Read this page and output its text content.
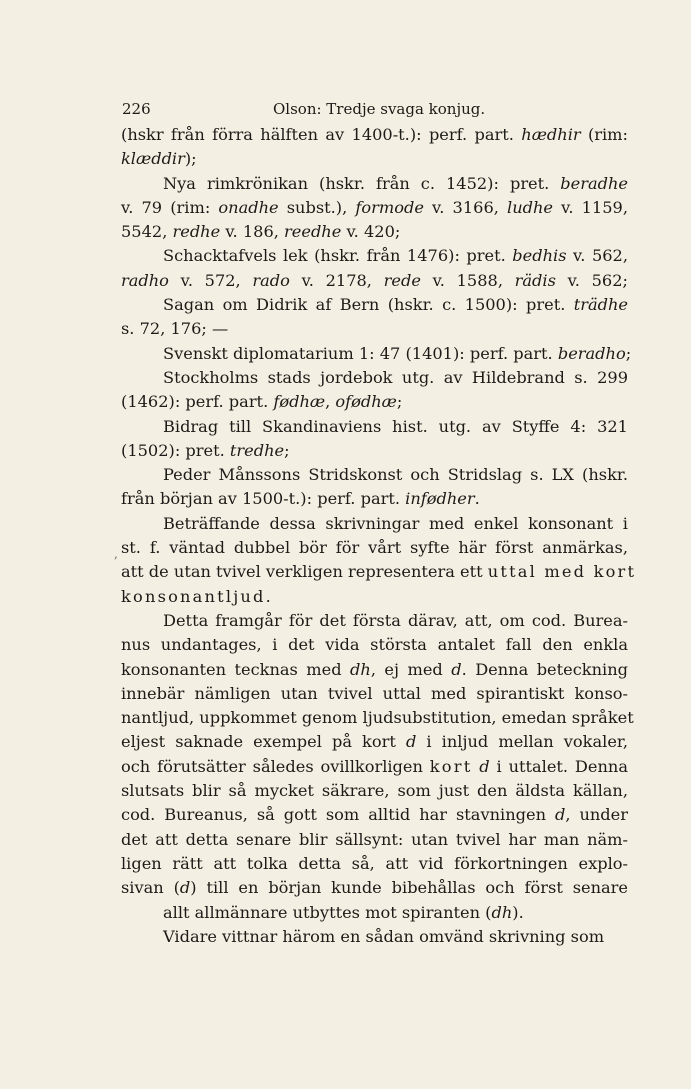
226	Olson: Tredje svaga konjug.
,
(hskr från förra hälften av 1400-t.): perf. part. hædhir (rim:
klæddir);
Nya rimkrönikan (hskr. från c. 1452): pret. beradhe
v. 79 (rim: onadhe subst.), formode v. 3166, ludhe v. 1159,
5542, redhe v. 186, reedhe v. 420;
Schacktafvels lek (hskr. från 1476): pret. bedhis v. 562,
radho v. 572, rado v. 2178, rede v. 1588, rädis v. 562;
Sagan om Didrik af Bern (hskr. c. 1500): pret. trädhe
s. 72, 176; —
Svenskt diplomatarium 1: 47 (1401): perf. part. beradho;
Stockholms stads jordebok utg. av Hildebrand s. 299
(1462): perf. part. fødhæ, ofødhæ;
Bidrag till Skandinaviens hist. utg. av Styffe 4: 321
(1502): pret. tredhe;
Peder Månssons Stridskonst och Stridslag s. LX (hskr.
från början av 1500-t.): perf. part. infødher.
Beträffande dessa skrivningar med enkel konsonant i
st. f. väntad dubbel bör för vårt syfte här först anmärkas,
att de utan tvivel verkligen representera ett uttal med kort
konsonantljud.
Detta framgår för det första därav, att, om cod. Burea-
nus undantages, i det vida största antalet fall den enkla
konsonanten tecknas med dh, ej med d. Denna beteckning
innebär nämligen utan tvivel uttal med spirantiskt konso-
nantljud, uppkommet genom ljudsubstitution, emedan språket
eljest saknade exempel på kort d i inljud mellan vokaler,
och förutsätter således ovillkorligen kort d i uttalet. Denna
slutsats blir så mycket säkrare, som just den äldsta källan,
cod. Bureanus, så gott som alltid har stavningen d, under
det att detta senare blir sällsynt: utan tvivel har man näm-
ligen rätt att tolka detta så, att vid förkortningen explo-
sivan (d) till en början kunde bibehållas och först senare
allt allmännare utbyttes mot spiranten (dh).
Vidare vittnar härom en sådan omvänd skrivning som
